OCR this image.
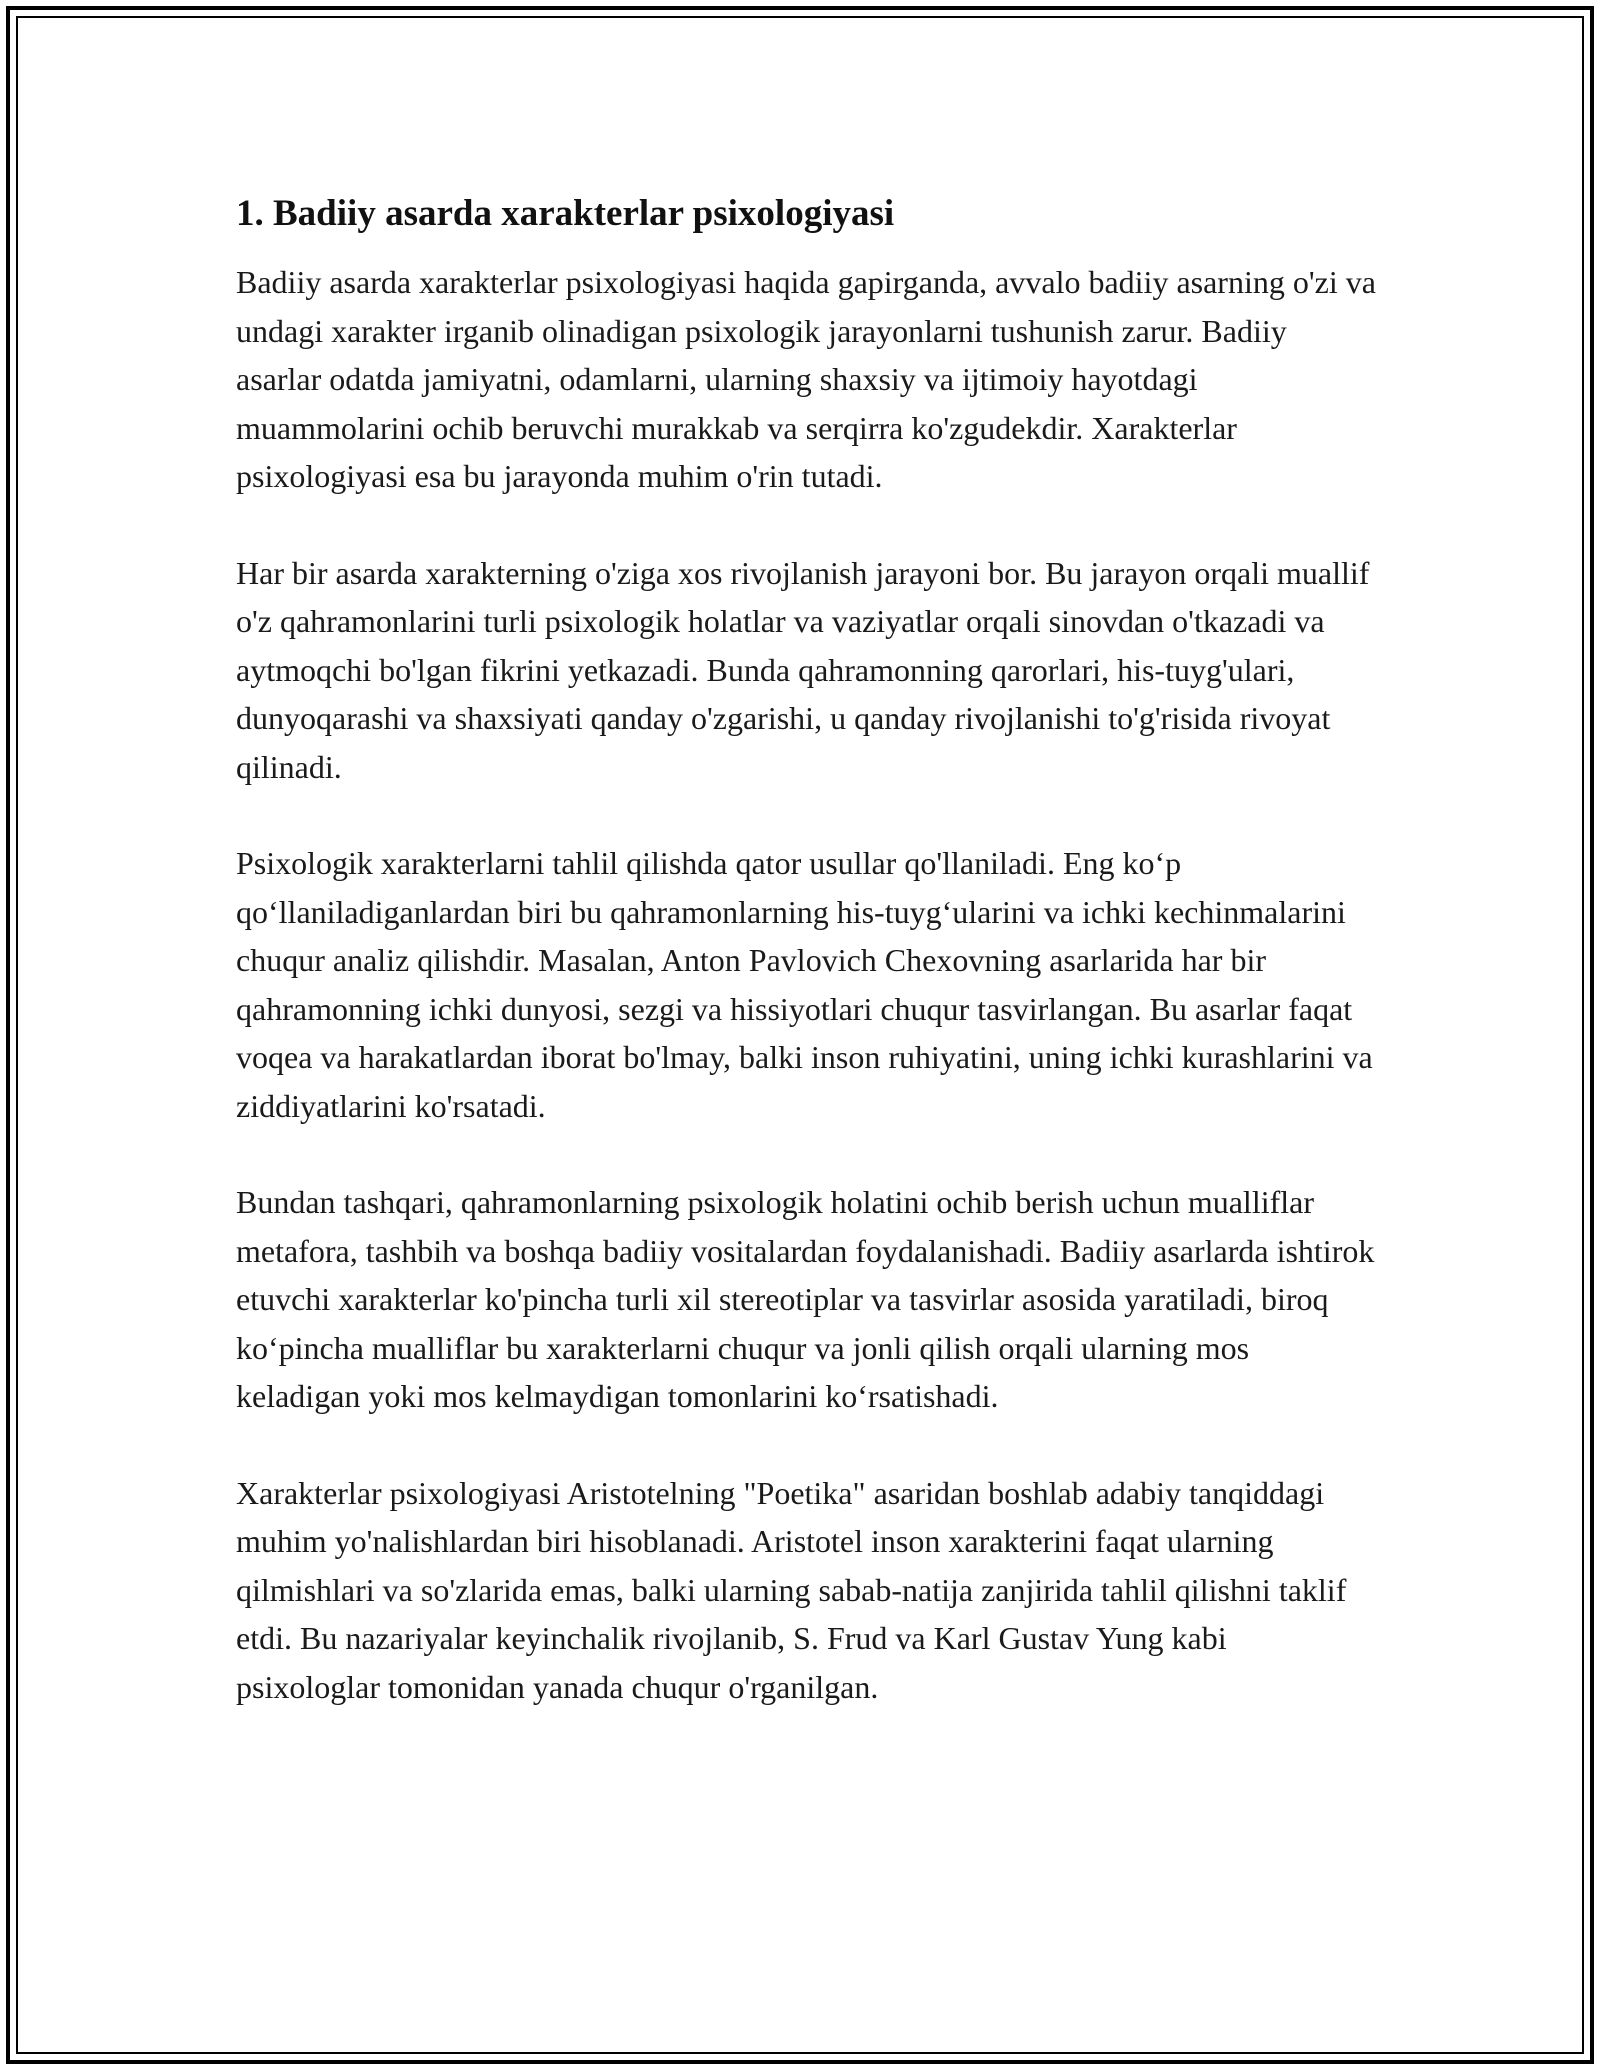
1. Badiiy asarda xarakterlar psixologiyasi

Badiiy asarda xarakterlar psixologiyasi haqida gapirganda, avvalo badiiy asarning o'zi va undagi xarakter irganib olinadigan psixologik jarayonlarni tushunish zarur. Badiiy asarlar odatda jamiyatni, odamlarni, ularning shaxsiy va ijtimoiy hayotdagi muammolarini ochib beruvchi murakkab va serqirra ko'zgudekdir. Xarakterlar psixologiyasi esa bu jarayonda muhim o'rin tutadi.

Har bir asarda xarakterning o'ziga xos rivojlanish jarayoni bor. Bu jarayon orqali muallif o'z qahramonlarini turli psixologik holatlar va vaziyatlar orqali sinovdan o'tkazadi va aytmoqchi bo'lgan fikrini yetkazadi. Bunda qahramonning qarorlari, his-tuyg'ulari, dunyoqarashi va shaxsiyati qanday o'zgarishi, u qanday rivojlanishi to'g'risida rivoyat qilinadi.

Psixologik xarakterlarni tahlil qilishda qator usullar qo'llaniladi. Eng ko‘p qo‘llaniladiganlardan biri bu qahramonlarning his-tuyg‘ularini va ichki kechinmalarini chuqur analiz qilishdir. Masalan, Anton Pavlovich Chexovning asarlarida har bir qahramonning ichki dunyosi, sezgi va hissiyotlari chuqur tasvirlangan. Bu asarlar faqat voqea va harakatlardan iborat bo'lmay, balki inson ruhiyatini, uning ichki kurashlarini va ziddiyatlarini ko'rsatadi.

Bundan tashqari, qahramonlarning psixologik holatini ochib berish uchun mualliflar metafora, tashbih va boshqa badiiy vositalardan foydalanishadi. Badiiy asarlarda ishtirok etuvchi xarakterlar ko'pincha turli xil stereotiplar va tasvirlar asosida yaratiladi, biroq ko‘pincha mualliflar bu xarakterlarni chuqur va jonli qilish orqali ularning mos keladigan yoki mos kelmaydigan tomonlarini ko‘rsatishadi.

Xarakterlar psixologiyasi Aristotelning "Poetika" asaridan boshlab adabiy tanqiddagi muhim yo'nalishlardan biri hisoblanadi. Aristotel inson xarakterini faqat ularning qilmishlari va so'zlarida emas, balki ularning sabab-natija zanjirida tahlil qilishni taklif etdi. Bu nazariyalar keyinchalik rivojlanib, S. Frud va Karl Gustav Yung kabi psixologlar tomonidan yanada chuqur o'rganilgan.
